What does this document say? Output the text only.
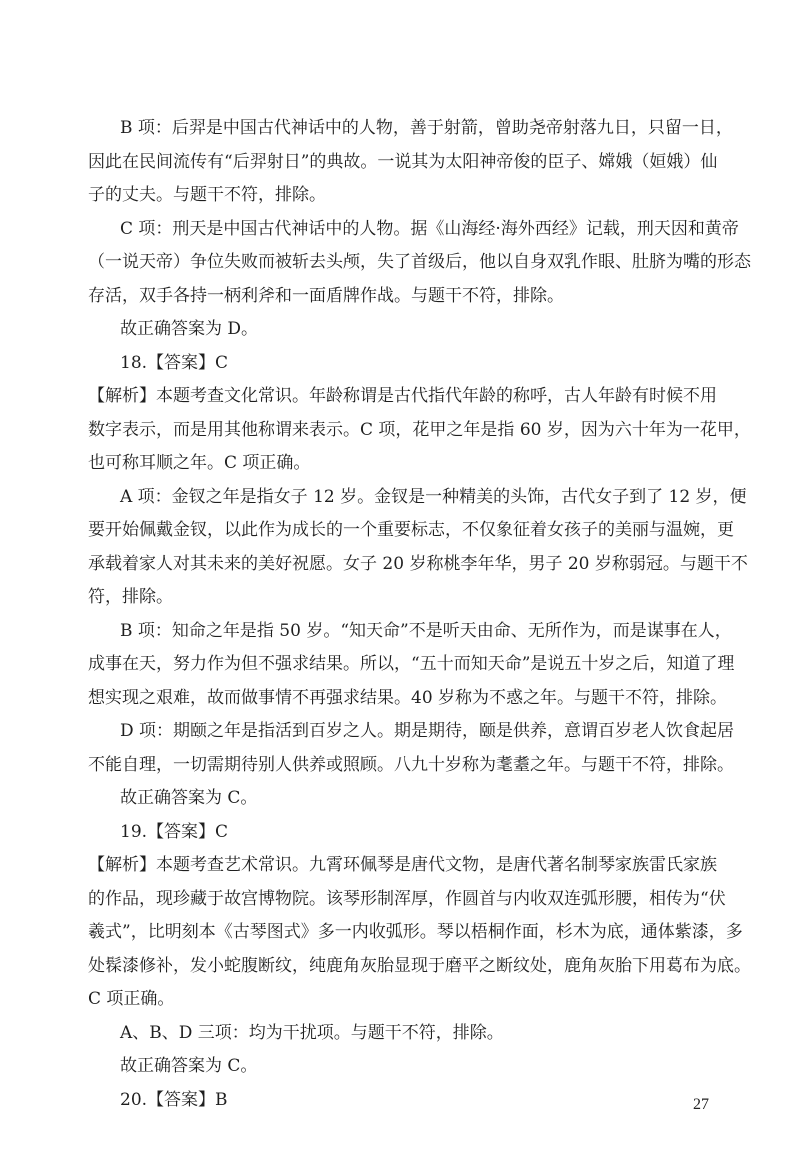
B 项：后羿是中国古代神话中的人物，善于射箭，曾助尧帝射落九日，只留一日，
因此在民间流传有“后羿射日”的典故。一说其为太阳神帝俊的臣子、嫦娥（姮娥）仙
子的丈夫。与题干不符，排除。

C 项：刑天是中国古代神话中的人物。据《山海经·海外西经》记载，刑天因和黄帝
（一说天帝）争位失败而被斩去头颅，失了首级后，他以自身双乳作眼、肚脐为嘴的形态
存活，双手各持一柄利斧和一面盾牌作战。与题干不符，排除。

故正确答案为 D。

18.【答案】C

【解析】本题考查文化常识。年龄称谓是古代指代年龄的称呼，古人年龄有时候不用
数字表示，而是用其他称谓来表示。C 项，花甲之年是指 60 岁，因为六十年为一花甲，
也可称耳顺之年。C 项正确。

A 项：金钗之年是指女子 12 岁。金钗是一种精美的头饰，古代女子到了 12 岁，便
要开始佩戴金钗，以此作为成长的一个重要标志，不仅象征着女孩子的美丽与温婉，更
承载着家人对其未来的美好祝愿。女子 20 岁称桃李年华，男子 20 岁称弱冠。与题干不
符，排除。

B 项：知命之年是指 50 岁。“知天命”不是听天由命、无所作为，而是谋事在人，
成事在天，努力作为但不强求结果。所以，“五十而知天命”是说五十岁之后，知道了理
想实现之艰难，故而做事情不再强求结果。40 岁称为不惑之年。与题干不符，排除。

D 项：期颐之年是指活到百岁之人。期是期待，颐是供养，意谓百岁老人饮食起居
不能自理，一切需期待别人供养或照顾。八九十岁称为耄耋之年。与题干不符，排除。

故正确答案为 C。

19.【答案】C

【解析】本题考查艺术常识。九霄环佩琴是唐代文物，是唐代著名制琴家族雷氏家族
的作品，现珍藏于故宫博物院。该琴形制浑厚，作圆首与内收双连弧形腰，相传为“伏
羲式”，比明刻本《古琴图式》多一内收弧形。琴以梧桐作面，杉木为底，通体紫漆，多
处髹漆修补，发小蛇腹断纹，纯鹿角灰胎显现于磨平之断纹处，鹿角灰胎下用葛布为底。
C 项正确。

A、B、D 三项：均为干扰项。与题干不符，排除。

故正确答案为 C。

20.【答案】B	27
